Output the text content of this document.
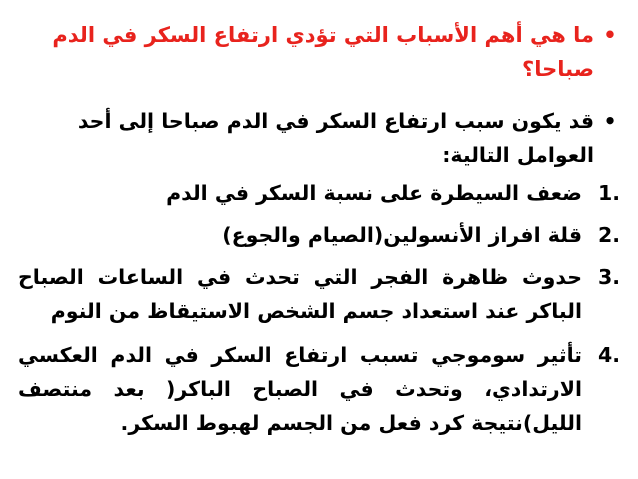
•
ما هي أهم الأسباب التي تؤدي ارتفاع السكر في الدم صباحا؟
•
قد يكون سبب ارتفاع السكر في الدم صباحا إلى أحد العوامل التالية:
1.
ضعف السيطرة على نسبة السكر في الدم
2.
قلة افراز الأنسولين(الصيام والجوع)
3.
حدوث ظاهرة الفجر التي تحدث في الساعات الصباح الباكر عند استعداد جسم الشخص الاستيقاظ من النوم
4.
تأثير سوموجي تسبب ارتفاع السكر في الدم العكسي الارتدادي، وتحدث في الصباح الباكر( بعد منتصف الليل)نتيجة كرد فعل من الجسم لهبوط السكر.
